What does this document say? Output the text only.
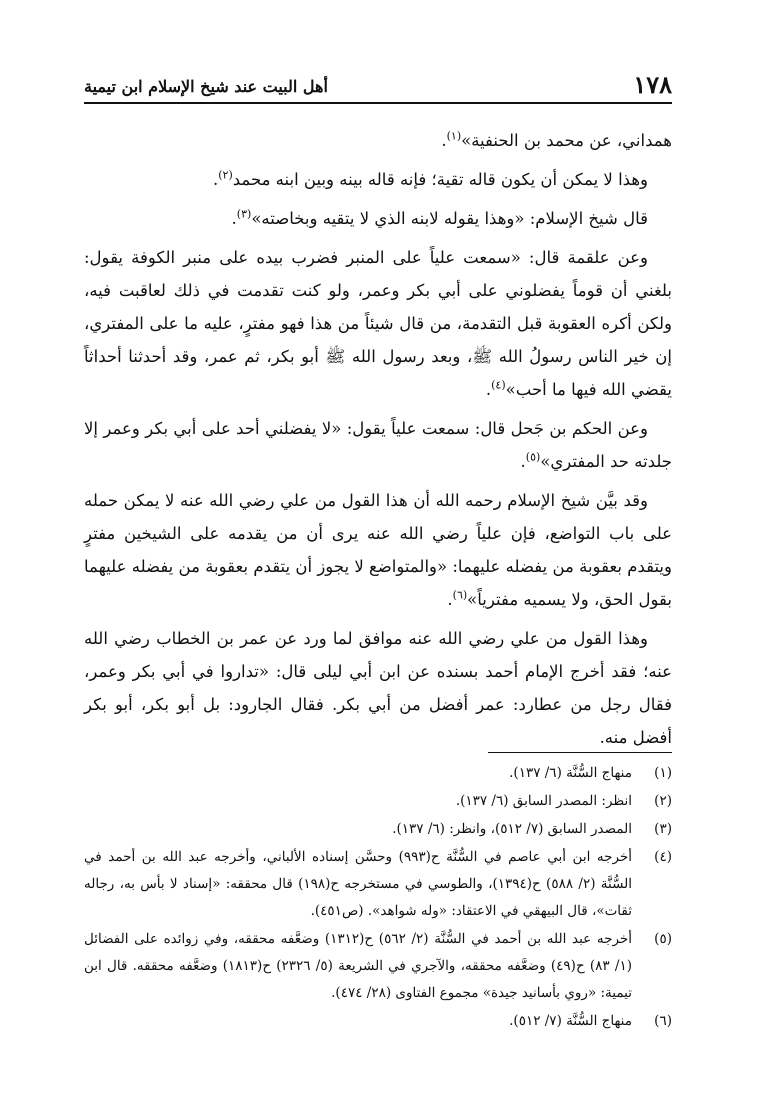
١٧٨
أهل البيت عند شيخ الإسلام ابن تيمية

همداني، عن محمد بن الحنفية»$^{(١)}$.

وهذا لا يمكن أن يكون قاله تقية؛ فإنه قاله بينه وبين ابنه محمد$^{(٢)}$.

قال شيخ الإسلام: «وهذا يقوله لابنه الذي لا يتقيه وبخاصته»$^{(٣)}$.

وعن علقمة قال: «سمعت علياً على المنبر فضرب بيده على منبر الكوفة يقول: بلغني أن قوماً يفضلوني على أبي بكر وعمر، ولو كنت تقدمت في ذلك لعاقبت فيه، ولكن أكره العقوبة قبل التقدمة، من قال شيئاً من هذا فهو مفترٍ، عليه ما على المفتري، إن خير الناس رسولُ الله ﷺ، وبعد رسول الله ﷺ أبو بكر، ثم عمر، وقد أحدثنا أحداثاً يقضي الله فيها ما أحب»$^{(٤)}$.

وعن الحكم بن جَحل قال: سمعت علياً يقول: «لا يفضلني أحد على أبي بكر وعمر إلا جلدته حد المفتري»$^{(٥)}$.

وقد بيَّن شيخ الإسلام رحمه الله أن هذا القول من علي رضي الله عنه لا يمكن حمله على باب التواضع، فإن علياً رضي الله عنه يرى أن من يقدمه على الشيخين مفترٍ ويتقدم بعقوبة من يفضله عليهما: «والمتواضع لا يجوز أن يتقدم بعقوبة من يفضله عليهما بقول الحق، ولا يسميه مفترياً»$^{(٦)}$.

وهذا القول من علي رضي الله عنه موافق لما ورد عن عمر بن الخطاب رضي الله عنه؛ فقد أخرج الإمام أحمد بسنده عن ابن أبي ليلى قال: «تداروا في أبي بكر وعمر، فقال رجل من عطارد: عمر أفضل من أبي بكر. فقال الجارود: بل أبو بكر، أبو بكر أفضل منه.

(١)
منهاج السُّنَّة (٦/ ١٣٧).
(٢)
انظر: المصدر السابق (٦/ ١٣٧).
(٣)
المصدر السابق (٧/ ٥١٢)، وانظر: (٦/ ١٣٧).
(٤)
أخرجه ابن أبي عاصم في السُّنَّة ح(٩٩٣) وحسَّن إسناده الألباني، وأخرجه عبد الله بن أحمد في السُّنَّة (٢/ ٥٨٨) ح(١٣٩٤)، والطوسي في مستخرجه ح(١٩٨) قال محققه: «إسناد لا بأس به، رجاله ثقات»، قال البيهقي في الاعتقاد: «وله شواهد». (ص٤٥١).
(٥)
أخرجه عبد الله بن أحمد في السُّنَّة (٢/ ٥٦٢) ح(١٣١٢) وضعَّفه محققه، وفي زوائده على الفضائل (١/ ٨٣) ح(٤٩) وضعَّفه محققه، والآجري في الشريعة (٥/ ٢٣٢٦) ح(١٨١٣) وضعَّفه محققه. قال ابن تيمية: «روي بأسانيد جيدة» مجموع الفتاوى (٢٨/ ٤٧٤).
(٦)
منهاج السُّنَّة (٧/ ٥١٢).
